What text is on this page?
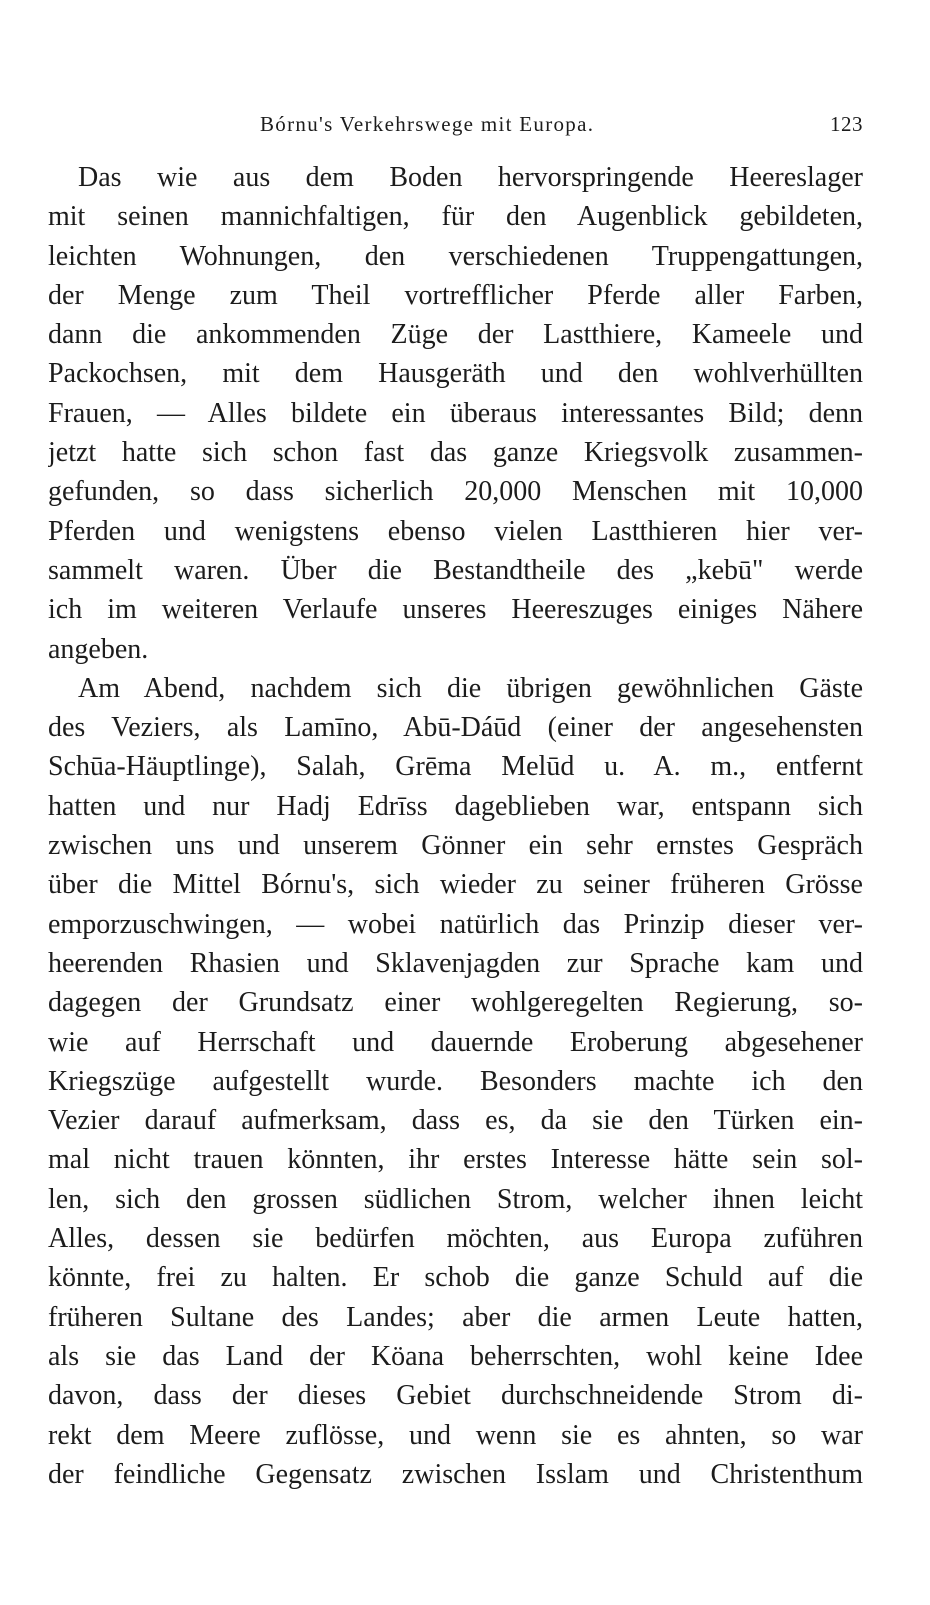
Bórnu's Verkehrswege mit Europa.	123
Das wie aus dem Boden hervorspringende Heereslager
mit seinen mannichfaltigen, für den Augenblick gebildeten,
leichten Wohnungen, den verschiedenen Truppengattungen,
der Menge zum Theil vortrefflicher Pferde aller Farben,
dann die ankommenden Züge der Lastthiere, Kameele und
Packochsen, mit dem Hausgeräth und den wohlverhüllten
Frauen, — Alles bildete ein überaus interessantes Bild; denn
jetzt hatte sich schon fast das ganze Kriegsvolk zusammen-
gefunden, so dass sicherlich 20,000 Menschen mit 10,000
Pferden und wenigstens ebenso vielen Lastthieren hier ver-
sammelt waren. Über die Bestandtheile des „kebū" werde
ich im weiteren Verlaufe unseres Heereszuges einiges Nähere
angeben.
Am Abend, nachdem sich die übrigen gewöhnlichen Gäste
des Veziers, als Lamīno, Abū-Dáūd (einer der angesehensten
Schūa-Häuptlinge), Salah, Grēma Melūd u. A. m., entfernt
hatten und nur Hadj Edrīss dageblieben war, entspann sich
zwischen uns und unserem Gönner ein sehr ernstes Gespräch
über die Mittel Bórnu's, sich wieder zu seiner früheren Grösse
emporzuschwingen, — wobei natürlich das Prinzip dieser ver-
heerenden Rhasien und Sklavenjagden zur Sprache kam und
dagegen der Grundsatz einer wohlgeregelten Regierung, so-
wie auf Herrschaft und dauernde Eroberung abgesehener
Kriegszüge aufgestellt wurde. Besonders machte ich den
Vezier darauf aufmerksam, dass es, da sie den Türken ein-
mal nicht trauen könnten, ihr erstes Interesse hätte sein sol-
len, sich den grossen südlichen Strom, welcher ihnen leicht
Alles, dessen sie bedürfen möchten, aus Europa zuführen
könnte, frei zu halten. Er schob die ganze Schuld auf die
früheren Sultane des Landes; aber die armen Leute hatten,
als sie das Land der Köana beherrschten, wohl keine Idee
davon, dass der dieses Gebiet durchschneidende Strom di-
rekt dem Meere zuflösse, und wenn sie es ahnten, so war
der feindliche Gegensatz zwischen Isslam und Christenthum
